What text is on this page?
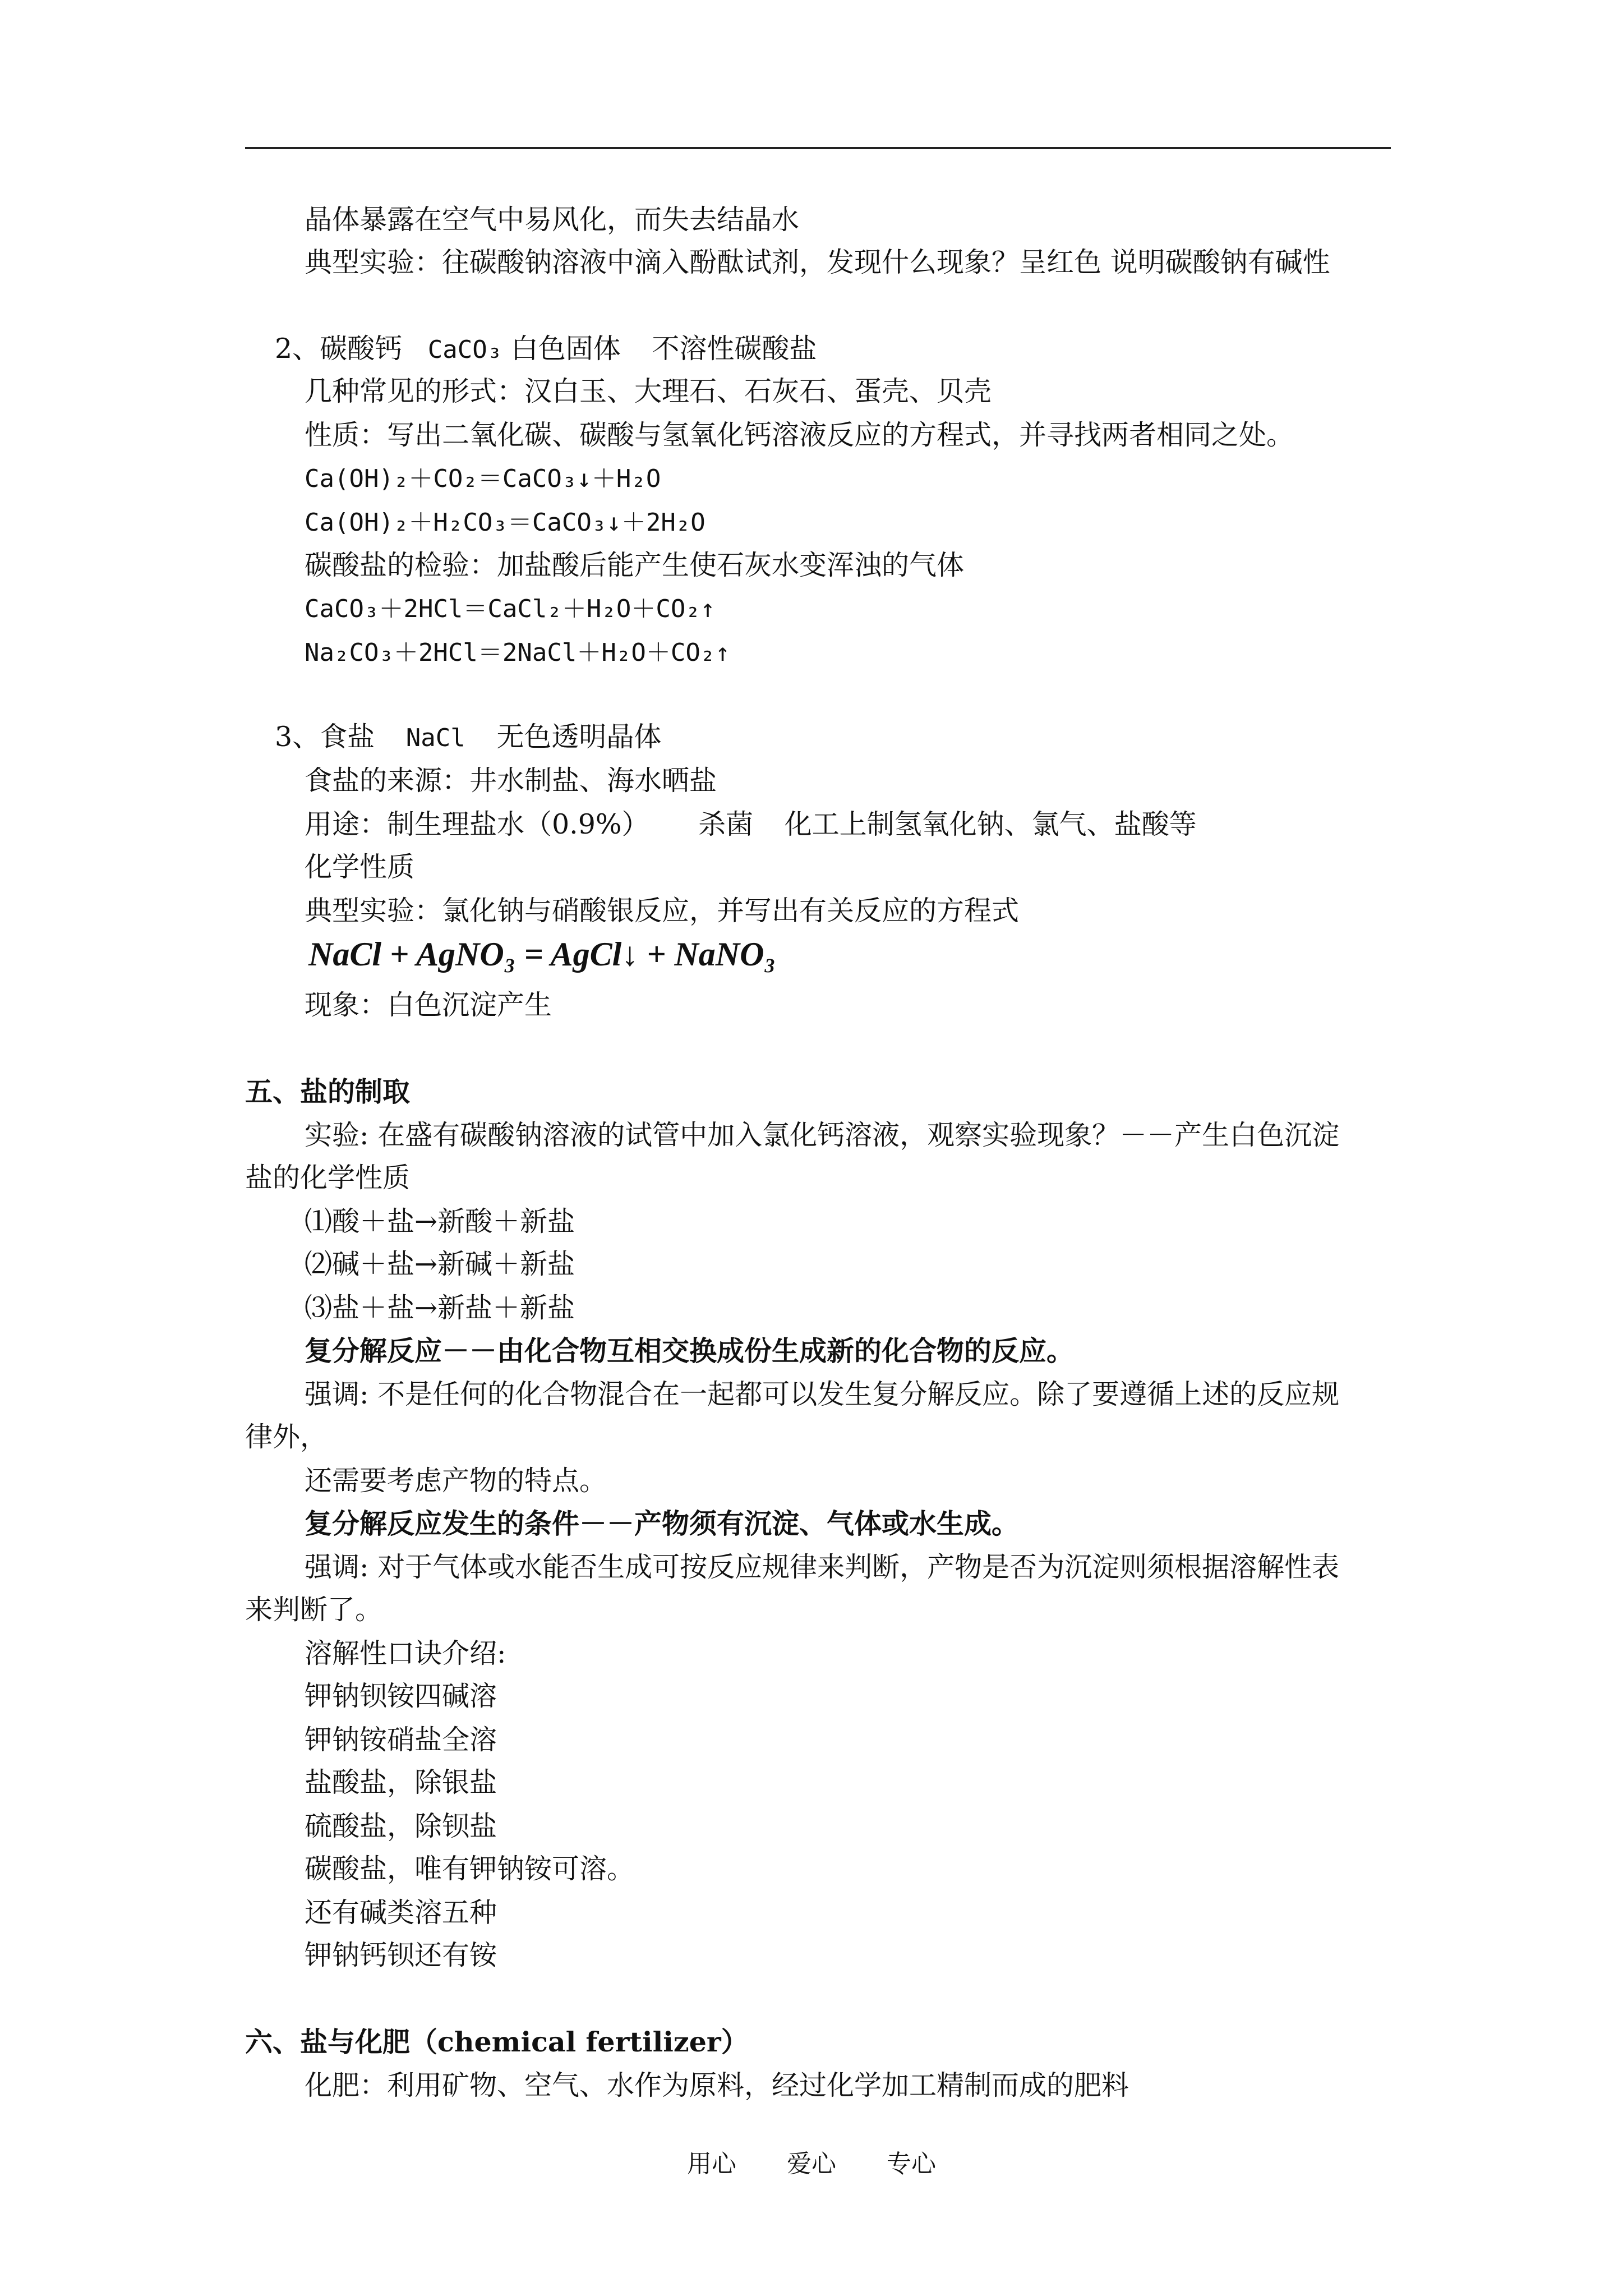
晶体暴露在空气中易风化，而失去结晶水
典型实验：往碳酸钠溶液中滴入酚酞试剂，发现什么现象？呈红色 说明碳酸钠有碱性
2、碳酸钙 CaCO₃ 白色固体 不溶性碳酸盐
几种常见的形式：汉白玉、大理石、石灰石、蛋壳、贝壳
性质：写出二氧化碳、碳酸与氢氧化钙溶液反应的方程式，并寻找两者相同之处。
Ca(OH)₂＋CO₂＝CaCO₃↓＋H₂O
Ca(OH)₂＋H₂CO₃＝CaCO₃↓＋2H₂O
碳酸盐的检验：加盐酸后能产生使石灰水变浑浊的气体
CaCO₃＋2HCl＝CaCl₂＋H₂O＋CO₂↑
Na₂CO₃＋2HCl＝2NaCl＋H₂O＋CO₂↑
3、食盐 NaCl 无色透明晶体
食盐的来源：井水制盐、海水晒盐
用途：制生理盐水（0.9%） 杀菌 化工上制氢氧化钠、氯气、盐酸等
化学性质
典型实验：氯化钠与硝酸银反应，并写出有关反应的方程式
NaCl + AgNO₃ = AgCl↓ + NaNO₃
现象：白色沉淀产生
五、盐的制取
实验: 在盛有碳酸钠溶液的试管中加入氯化钙溶液，观察实验现象？－－产生白色沉淀
盐的化学性质
⑴酸＋盐→新酸＋新盐
⑵碱＋盐→新碱＋新盐
⑶盐＋盐→新盐＋新盐
复分解反应－－由化合物互相交换成份生成新的化合物的反应。
强调: 不是任何的化合物混合在一起都可以发生复分解反应。除了要遵循上述的反应规
律外，
还需要考虑产物的特点。
复分解反应发生的条件－－产物须有沉淀、气体或水生成。
强调: 对于气体或水能否生成可按反应规律来判断，产物是否为沉淀则须根据溶解性表
来判断了。
溶解性口诀介绍:
钾钠钡铵四碱溶
钾钠铵硝盐全溶
盐酸盐，除银盐
硫酸盐，除钡盐
碳酸盐，唯有钾钠铵可溶。
还有碱类溶五种
钾钠钙钡还有铵
六、盐与化肥（chemical fertilizer）
化肥：利用矿物、空气、水作为原料，经过化学加工精制而成的肥料
用心 爱心 专心
